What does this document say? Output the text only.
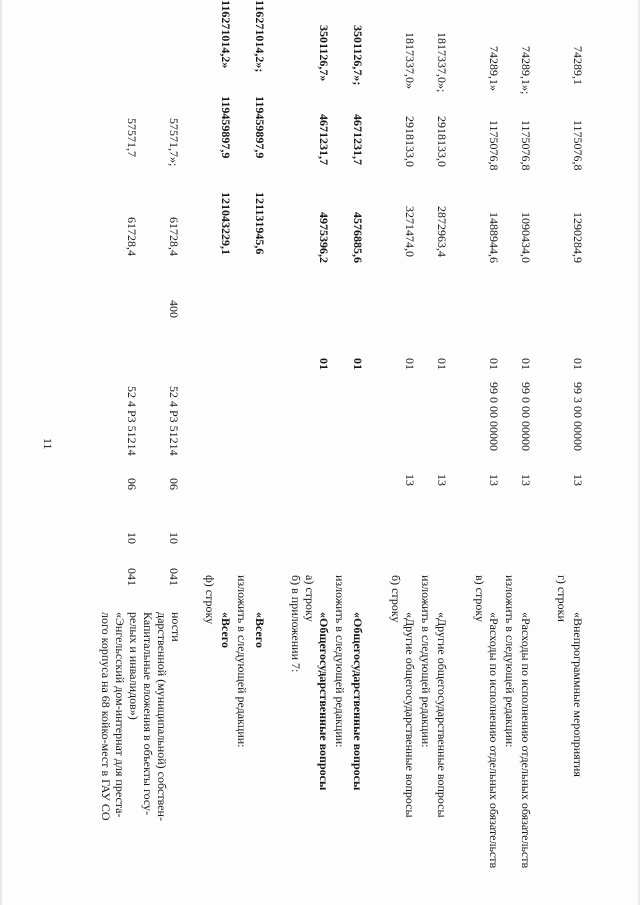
11
лого корпуса на 68 койко-мест в ГАУ СО «Энгельсский дом-интернат для преста- релых и инвалидов»)
041
10
06
52 4 P3 51214
61728,4
57571,7
Капитальные вложения в объекты госу- дарственной (муниципальной) собствен- ности
041
10
06
52 4 P3 51214
400
61728,4
57571,7»;
ф) строку
«Всего
121043229,1
119459897,9
116271014,2»
изложить в следующей редакции: «Всего
121131945,6
119459897,9
116271014,2»;
б) в приложении 7: а) строку
«Общегосударственные вопросы
01
4975396,2
4671231,7
3501126,7»
изложить в следующей редакции: «Общегосударственные вопросы
01
4576885,6
4671231,7
3501126,7»;
б) строку
«Другие общегосударственные вопросы
01
13
3271474,0
2918133,0
1817337,0»
изложить в следующей редакции: «Другие общегосударственные вопросы
01
13
2872963,4
2918133,0
1817337,0»;
в) строку
«Расходы по исполнению отдельных обязательств
01
13
99 0 00 00000
1488944,6
1175076,8
74289,1»
изложить в следующей редакции: «Расходы по исполнению отдельных обязательств
01
13
99 0 00 00000
1090434,0
1175076,8
74289,1»;
г) строки
«Внепрограммные мероприятия
01
13
99 3 00 00000
1290284,9
1175076,8
74289,1
